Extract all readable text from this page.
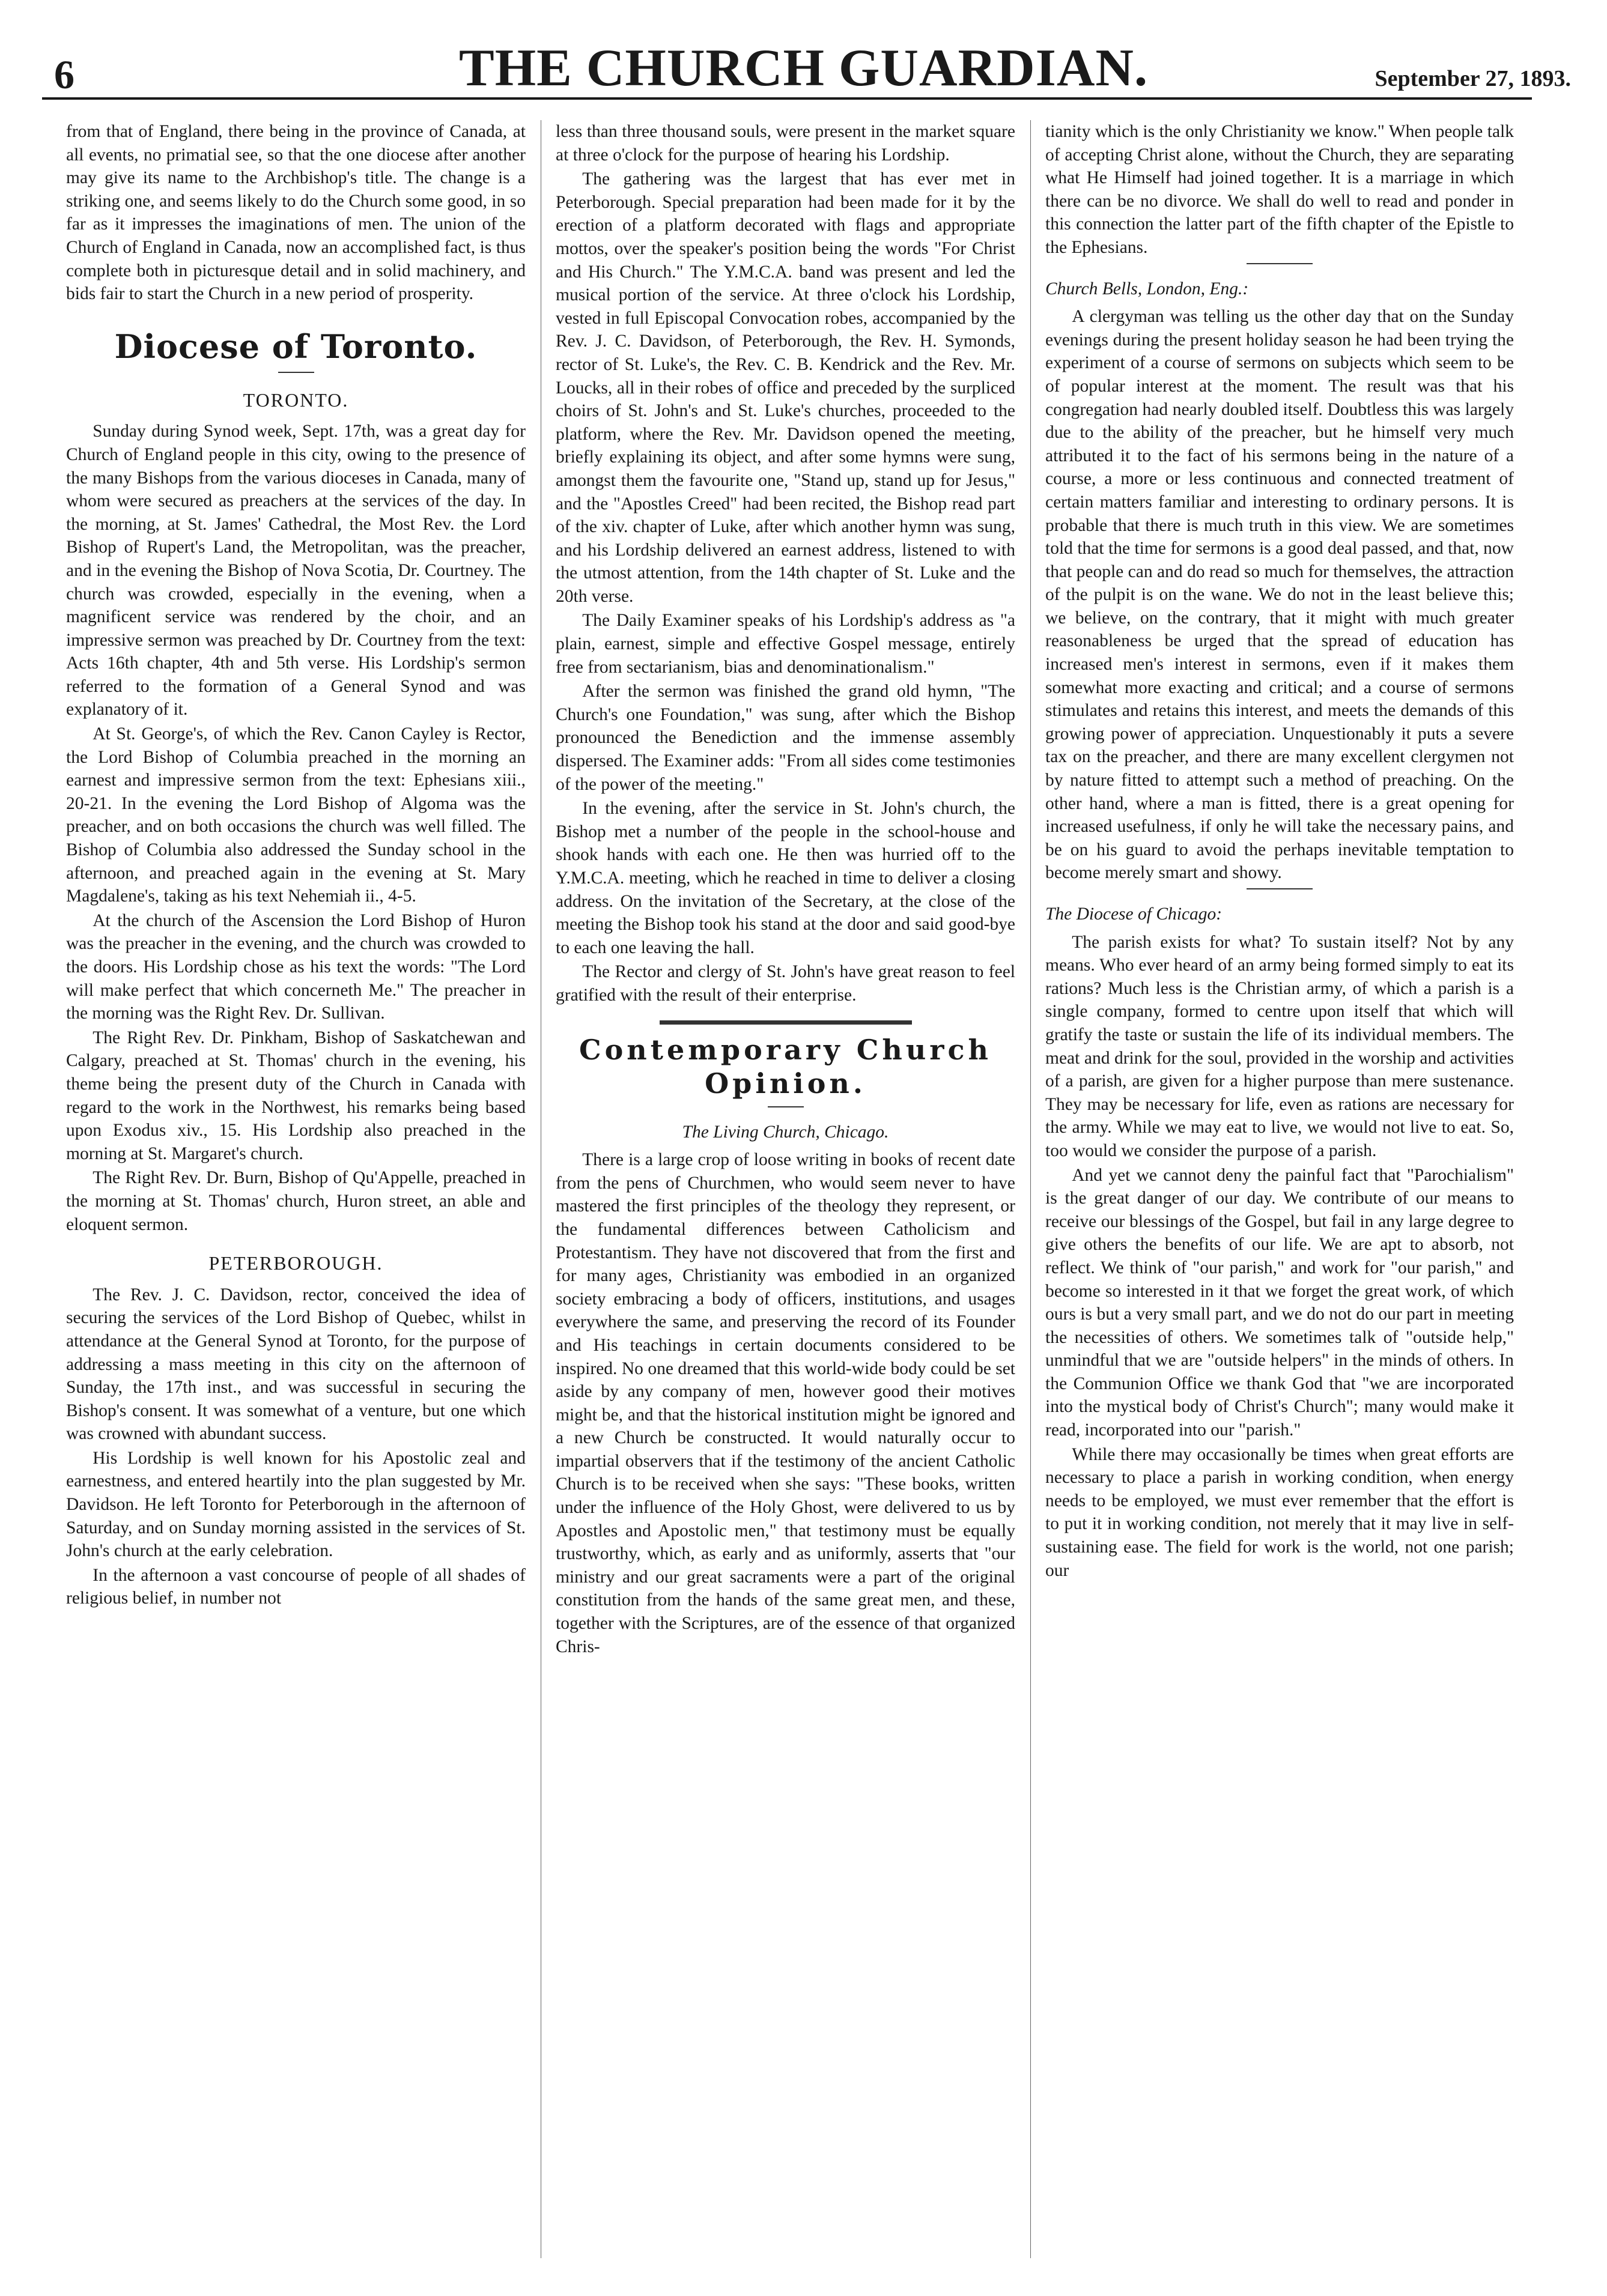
6	THE CHURCH GUARDIAN.	September 27, 1893.

from that of England, there being in the province of Canada, at all events, no primatial see, so that the one diocese after another may give its name to the Archbishop's title. The change is a striking one, and seems likely to do the Church some good, in so far as it impresses the imaginations of men. The union of the Church of England in Canada, now an accomplished fact, is thus complete both in picturesque detail and in solid machinery, and bids fair to start the Church in a new period of prosperity.

Diocese of Toronto.
TORONTO.

Sunday during Synod week, Sept. 17th, was a great day for Church of England people in this city, owing to the presence of the many Bishops from the various dioceses in Canada, many of whom were secured as preachers at the services of the day. In the morning, at St. James' Cathedral, the Most Rev. the Lord Bishop of Rupert's Land, the Metropolitan, was the preacher, and in the evening the Bishop of Nova Scotia, Dr. Courtney. The church was crowded, especially in the evening, when a magnificent service was rendered by the choir, and an impressive sermon was preached by Dr. Courtney from the text: Acts 16th chapter, 4th and 5th verse. His Lordship's sermon referred to the formation of a General Synod and was explanatory of it.

At St. George's, of which the Rev. Canon Cayley is Rector, the Lord Bishop of Columbia preached in the morning an earnest and impressive sermon from the text: Ephesians xiii., 20-21. In the evening the Lord Bishop of Algoma was the preacher, and on both occasions the church was well filled. The Bishop of Columbia also addressed the Sunday school in the afternoon, and preached again in the evening at St. Mary Magdalene's, taking as his text Nehemiah ii., 4-5.

At the church of the Ascension the Lord Bishop of Huron was the preacher in the evening, and the church was crowded to the doors. His Lordship chose as his text the words: "The Lord will make perfect that which concerneth Me." The preacher in the morning was the Right Rev. Dr. Sullivan.

The Right Rev. Dr. Pinkham, Bishop of Saskatchewan and Calgary, preached at St. Thomas' church in the evening, his theme being the present duty of the Church in Canada with regard to the work in the Northwest, his remarks being based upon Exodus xiv., 15. His Lordship also preached in the morning at St. Margaret's church.

The Right Rev. Dr. Burn, Bishop of Qu'Appelle, preached in the morning at St. Thomas' church, Huron street, an able and eloquent sermon.

PETERBOROUGH.

The Rev. J. C. Davidson, rector, conceived the idea of securing the services of the Lord Bishop of Quebec, whilst in attendance at the General Synod at Toronto, for the purpose of addressing a mass meeting in this city on the afternoon of Sunday, the 17th inst., and was successful in securing the Bishop's consent. It was somewhat of a venture, but one which was crowned with abundant success.

His Lordship is well known for his Apostolic zeal and earnestness, and entered heartily into the plan suggested by Mr. Davidson. He left Toronto for Peterborough in the afternoon of Saturday, and on Sunday morning assisted in the services of St. John's church at the early celebration.

In the afternoon a vast concourse of people of all shades of religious belief, in number not

less than three thousand souls, were present in the market square at three o'clock for the purpose of hearing his Lordship.

The gathering was the largest that has ever met in Peterborough. Special preparation had been made for it by the erection of a platform decorated with flags and appropriate mottos, over the speaker's position being the words "For Christ and His Church." The Y.M.C.A. band was present and led the musical portion of the service. At three o'clock his Lordship, vested in full Episcopal Convocation robes, accompanied by the Rev. J. C. Davidson, of Peterborough, the Rev. H. Symonds, rector of St. Luke's, the Rev. C. B. Kendrick and the Rev. Mr. Loucks, all in their robes of office and preceded by the surpliced choirs of St. John's and St. Luke's churches, proceeded to the platform, where the Rev. Mr. Davidson opened the meeting, briefly explaining its object, and after some hymns were sung, amongst them the favourite one, "Stand up, stand up for Jesus," and the "Apostles Creed" had been recited, the Bishop read part of the xiv. chapter of Luke, after which another hymn was sung, and his Lordship delivered an earnest address, listened to with the utmost attention, from the 14th chapter of St. Luke and the 20th verse.

The Daily Examiner speaks of his Lordship's address as "a plain, earnest, simple and effective Gospel message, entirely free from sectarianism, bias and denominationalism."

After the sermon was finished the grand old hymn, "The Church's one Foundation," was sung, after which the Bishop pronounced the Benediction and the immense assembly dispersed. The Examiner adds: "From all sides come testimonies of the power of the meeting."

In the evening, after the service in St. John's church, the Bishop met a number of the people in the school-house and shook hands with each one. He then was hurried off to the Y.M.C.A. meeting, which he reached in time to deliver a closing address. On the invitation of the Secretary, at the close of the meeting the Bishop took his stand at the door and said good-bye to each one leaving the hall.

The Rector and clergy of St. John's have great reason to feel gratified with the result of their enterprise.

Contemporary Church Opinion.
The Living Church, Chicago.

There is a large crop of loose writing in books of recent date from the pens of Churchmen, who would seem never to have mastered the first principles of the theology they represent, or the fundamental differences between Catholicism and Protestantism. They have not discovered that from the first and for many ages, Christianity was embodied in an organized society embracing a body of officers, institutions, and usages everywhere the same, and preserving the record of its Founder and His teachings in certain documents considered to be inspired. No one dreamed that this world-wide body could be set aside by any company of men, however good their motives might be, and that the historical institution might be ignored and a new Church be constructed. It would naturally occur to impartial observers that if the testimony of the ancient Catholic Church is to be received when she says: "These books, written under the influence of the Holy Ghost, were delivered to us by Apostles and Apostolic men," that testimony must be equally trustworthy, which, as early and as uniformly, asserts that "our ministry and our great sacraments were a part of the original constitution from the hands of the same great men, and these, together with the Scriptures, are of the essence of that organized Chris-

tianity which is the only Christianity we know." When people talk of accepting Christ alone, without the Church, they are separating what He Himself had joined together. It is a marriage in which there can be no divorce. We shall do well to read and ponder in this connection the latter part of the fifth chapter of the Epistle to the Ephesians.

Church Bells, London, Eng.:

A clergyman was telling us the other day that on the Sunday evenings during the present holiday season he had been trying the experiment of a course of sermons on subjects which seem to be of popular interest at the moment. The result was that his congregation had nearly doubled itself. Doubtless this was largely due to the ability of the preacher, but he himself very much attributed it to the fact of his sermons being in the nature of a course, a more or less continuous and connected treatment of certain matters familiar and interesting to ordinary persons. It is probable that there is much truth in this view. We are sometimes told that the time for sermons is a good deal passed, and that, now that people can and do read so much for themselves, the attraction of the pulpit is on the wane. We do not in the least believe this; we believe, on the contrary, that it might with much greater reasonableness be urged that the spread of education has increased men's interest in sermons, even if it makes them somewhat more exacting and critical; and a course of sermons stimulates and retains this interest, and meets the demands of this growing power of appreciation. Unquestionably it puts a severe tax on the preacher, and there are many excellent clergymen not by nature fitted to attempt such a method of preaching. On the other hand, where a man is fitted, there is a great opening for increased usefulness, if only he will take the necessary pains, and be on his guard to avoid the perhaps inevitable temptation to become merely smart and showy.

The Diocese of Chicago:

The parish exists for what? To sustain itself? Not by any means. Who ever heard of an army being formed simply to eat its rations? Much less is the Christian army, of which a parish is a single company, formed to centre upon itself that which will gratify the taste or sustain the life of its individual members. The meat and drink for the soul, provided in the worship and activities of a parish, are given for a higher purpose than mere sustenance. They may be necessary for life, even as rations are necessary for the army. While we may eat to live, we would not live to eat. So, too would we consider the purpose of a parish.

And yet we cannot deny the painful fact that "Parochialism" is the great danger of our day. We contribute of our means to receive our blessings of the Gospel, but fail in any large degree to give others the benefits of our life. We are apt to absorb, not reflect. We think of "our parish," and work for "our parish," and become so interested in it that we forget the great work, of which ours is but a very small part, and we do not do our part in meeting the necessities of others. We sometimes talk of "outside help," unmindful that we are "outside helpers" in the minds of others. In the Communion Office we thank God that "we are incorporated into the mystical body of Christ's Church"; many would make it read, incorporated into our "parish."

While there may occasionally be times when great efforts are necessary to place a parish in working condition, when energy needs to be employed, we must ever remember that the effort is to put it in working condition, not merely that it may live in self-sustaining ease. The field for work is the world, not one parish; our
